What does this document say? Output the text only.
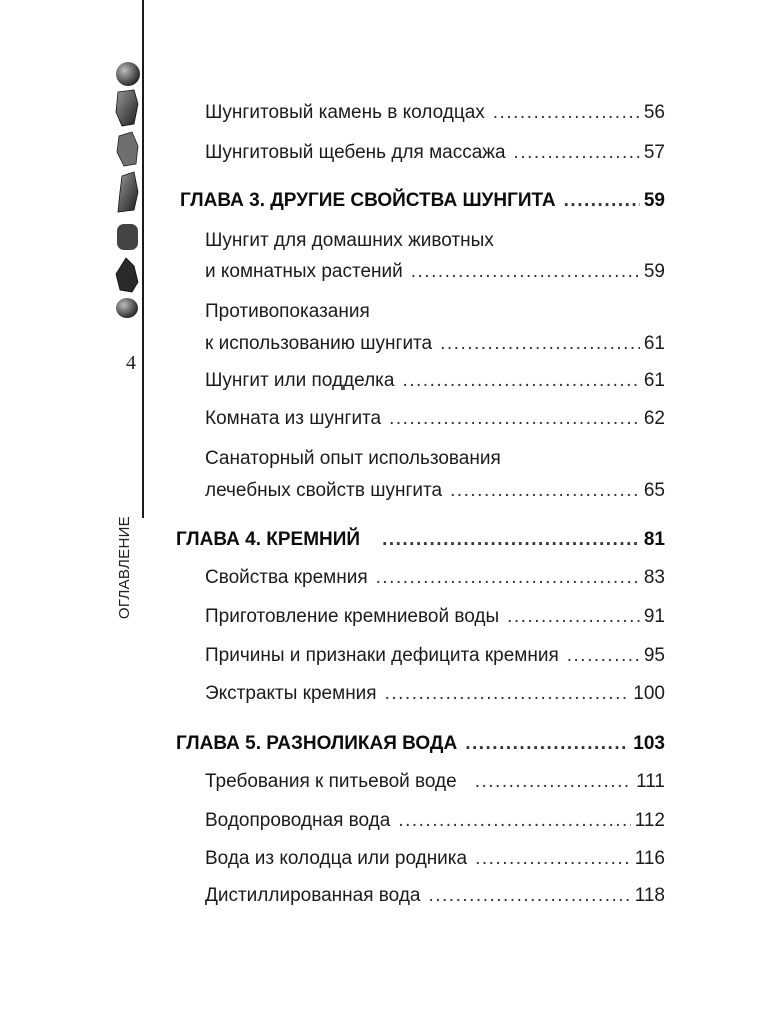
4
ОГЛАВЛЕНИЕ
Шунгитовый камень в колодцах .....	56
Шунгитовый щебень для массажа .....	57
ГЛАВА 3. ДРУГИЕ СВОЙСТВА ШУНГИТА .....	59
Шунгит для домашних животных
и комнатных растений .....	59
Противопоказания
к использованию шунгита .....	61
Шунгит или подделка .....	61
Комната из шунгита .....	62
Санаторный опыт использования
лечебных свойств шунгита .....	65
ГЛАВА 4. КРЕМНИЙ .....	81
Свойства кремния .....	83
Приготовление кремниевой воды .....	91
Причины и признаки дефицита кремния .....	95
Экстракты кремния .....	100
ГЛАВА 5. РАЗНОЛИКАЯ ВОДА .....	103
Требования к питьевой воде .....	111
Водопроводная вода .....	112
Вода из колодца или родника .....	116
Дистиллированная вода .....	118
